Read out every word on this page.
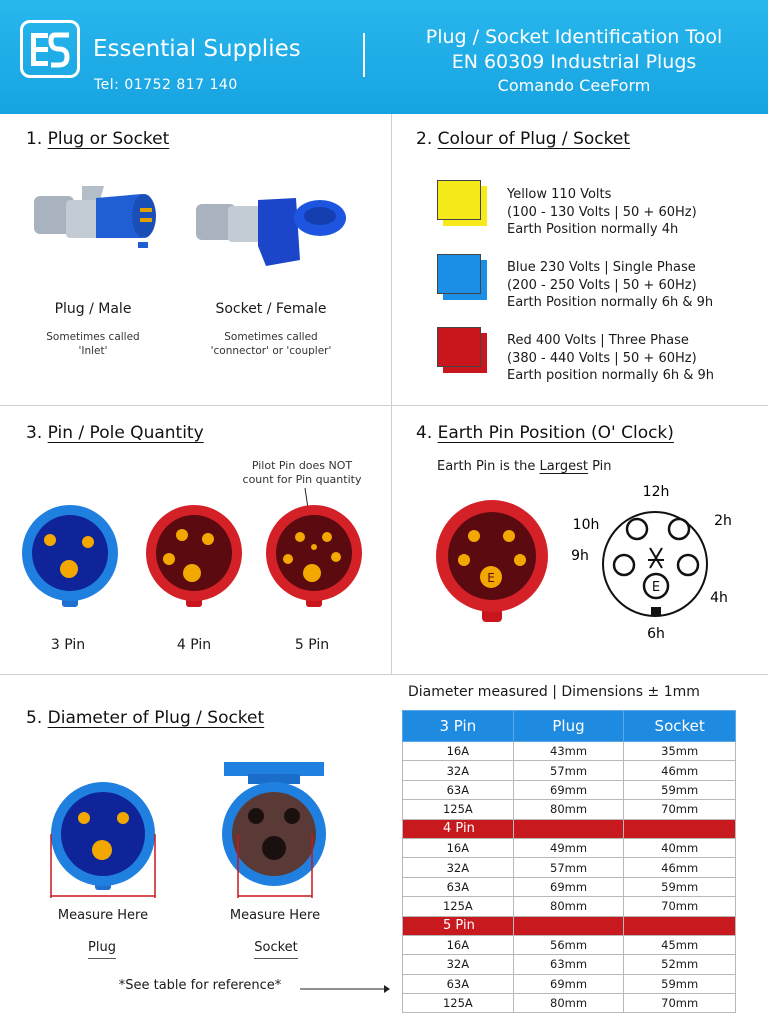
Essential Supplies
Tel: 01752 817 140
Plug / Socket Identification Tool
EN 60309 Industrial Plugs
Comando CeeForm
1. Plug or Socket
Plug / Male	Socket / Female
Sometimes called
'Inlet'
Sometimes called
'connector' or 'coupler'
2. Colour of Plug / Socket
Yellow 110 Volts
(100 - 130 Volts | 50 + 60Hz)
Earth Position normally 4h
Blue 230 Volts | Single Phase
(200 - 250 Volts | 50 + 60Hz)
Earth Position normally 6h & 9h
Red 400 Volts | Three Phase
(380 - 440 Volts | 50 + 60Hz)
Earth position normally 6h & 9h
3. Pin / Pole Quantity
Pilot Pin does NOT
count for Pin quantity
3 Pin	4 Pin	5 Pin
4. Earth Pin Position (O' Clock)
Earth Pin is the Largest Pin
E
E
12h
10h	2h
9h
4h
6h
5. Diameter of Plug / Socket
Measure Here	Measure Here
Plug	Socket
*See table for reference*
Diameter measured | Dimensions ± 1mm
3 Pin	Plug	Socket
16A	43mm	35mm
32A	57mm	46mm
63A	69mm	59mm
125A	80mm	70mm
4 Pin		
16A	49mm	40mm
32A	57mm	46mm
63A	69mm	59mm
125A	80mm	70mm
5 Pin		
16A	56mm	45mm
32A	63mm	52mm
63A	69mm	59mm
125A	80mm	70mm
